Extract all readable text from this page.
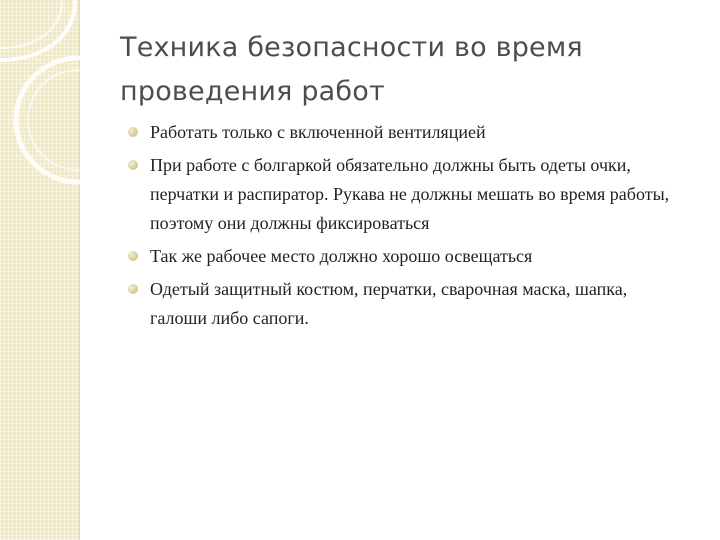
Техника безопасности во время проведения работ
Работать только с включенной вентиляцией
При работе с болгаркой обязательно должны быть одеты очки, перчатки и распиратор. Рукава не должны мешать во время работы, поэтому они должны фиксироваться
Так же рабочее место должно хорошо освещаться
Одетый защитный костюм, перчатки, сварочная маска, шапка, галоши либо сапоги.
